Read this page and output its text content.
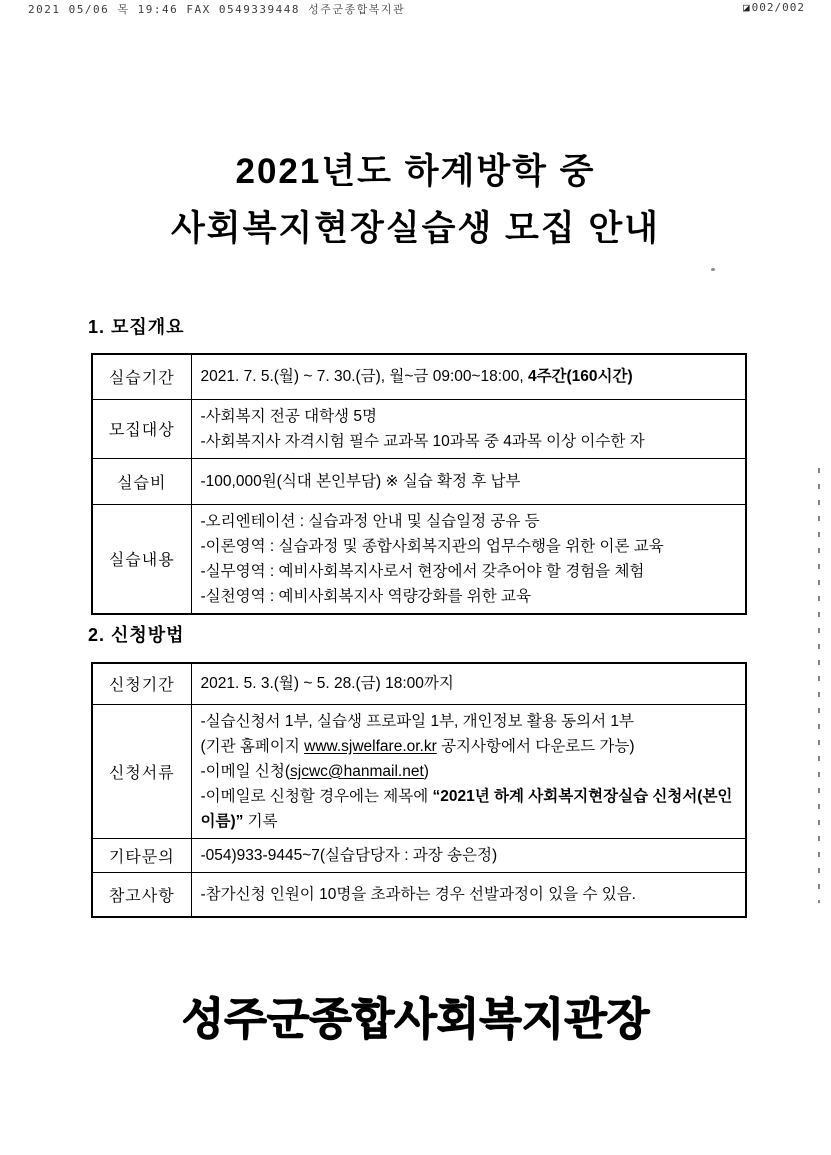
2021 05/06 목 19:46 FAX 0549339448 성주군종합복지관	◪ 002/002
2021년도 하계방학 중
사회복지현장실습생 모집 안내
1. 모집개요
실습기간	2021. 7. 5.(월) ~ 7. 30.(금), 월~금 09:00~18:00, 4주간(160시간)
모집대상	-사회복지 전공 대학생 5명
-사회복지사 자격시험 필수 교과목 10과목 중 4과목 이상 이수한 자

실습비	-100,000원(식대 본인부담) ※ 실습 확정 후 납부
실습내용	-오리엔테이션 : 실습과정 안내 및 실습일정 공유 등
-이론영역 : 실습과정 및 종합사회복지관의 업무수행을 위한 이론 교육
-실무영역 : 예비사회복지사로서 현장에서 갖추어야 할 경험을 체험
-실천영역 : 예비사회복지사 역량강화를 위한 교육
2. 신청방법
신청기간	2021. 5. 3.(월) ~ 5. 28.(금) 18:00까지
신청서류	-실습신청서 1부, 실습생 프로파일 1부, 개인정보 활용 동의서 1부
(기관 홈페이지 www.sjwelfare.or.kr 공지사항에서 다운로드 가능)
-이메일 신청(sjcwc@hanmail.net)
-이메일로 신청할 경우에는 제목에 “2021년 하계 사회복지현장실습 신청서(본인이름)” 기록

기타문의	-054)933-9445~7(실습담당자 : 과장 송은정)
참고사항	-참가신청 인원이 10명을 초과하는 경우 선발과정이 있을 수 있음.
성주군종합사회복지관장
